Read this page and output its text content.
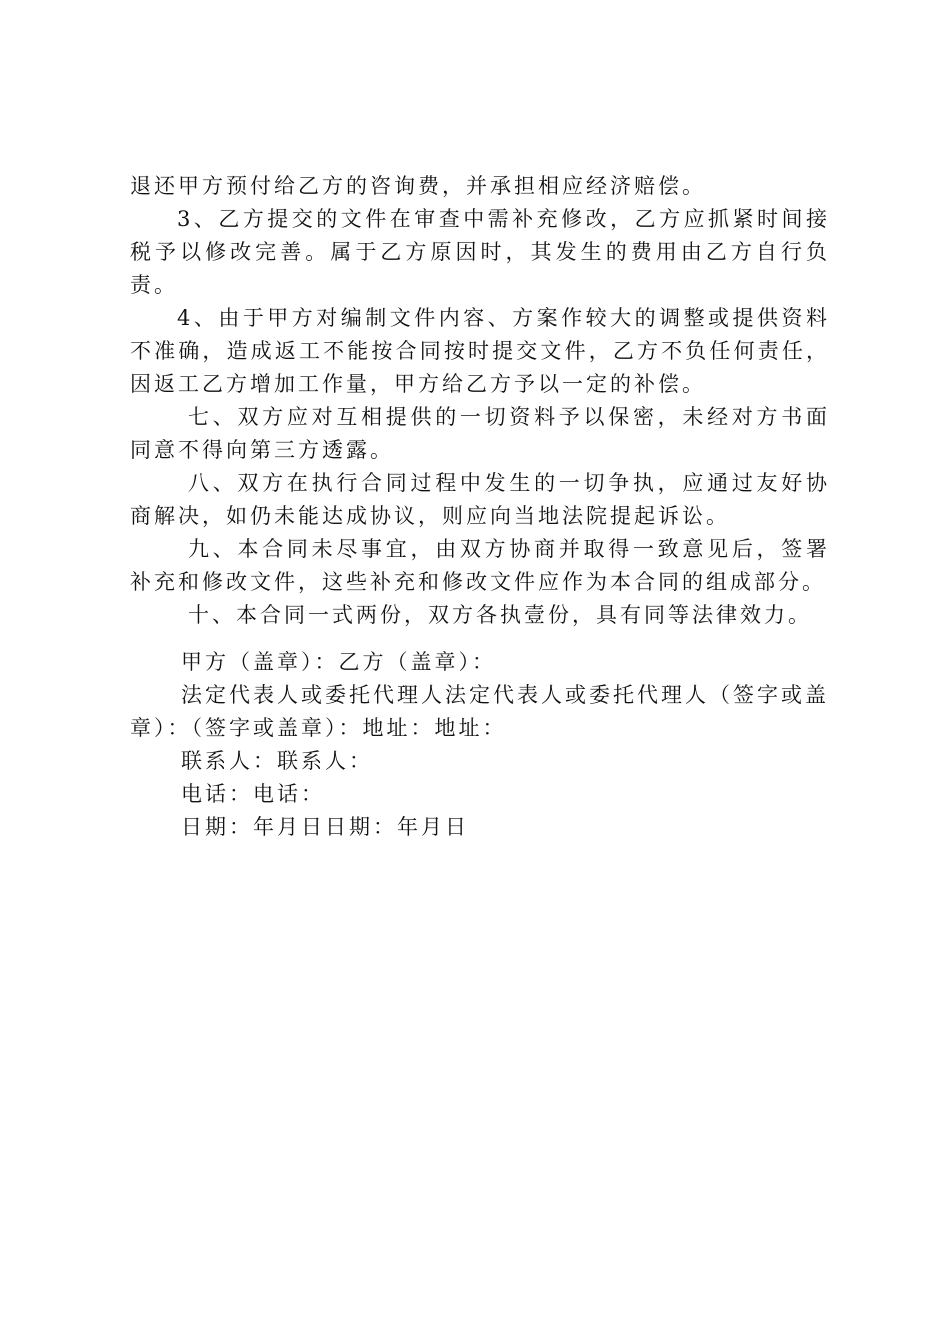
退还甲方预付给乙方的咨询费，并承担相应经济赔偿。

3、乙方提交的文件在审查中需补充修改，乙方应抓紧时间接税予以修改完善。属于乙方原因时，其发生的费用由乙方自行负责。

4、由于甲方对编制文件内容、方案作较大的调整或提供资料不准确，造成返工不能按合同按时提交文件，乙方不负任何责任，因返工乙方增加工作量，甲方给乙方予以一定的补偿。

七、双方应对互相提供的一切资料予以保密，未经对方书面同意不得向第三方透露。

八、双方在执行合同过程中发生的一切争执，应通过友好协商解决，如仍未能达成协议，则应向当地法院提起诉讼。

九、本合同未尽事宜，由双方协商并取得一致意见后，签署补充和修改文件，这些补充和修改文件应作为本合同的组成部分。

十、本合同一式两份，双方各执壹份，具有同等法律效力。

甲方（盖章）：乙方（盖章）：

法定代表人或委托代理人法定代表人或委托代理人（签字或盖章）：（签字或盖章）：地址：地址：

联系人：联系人：

电话：电话：

日期：年月日日期：年月日
